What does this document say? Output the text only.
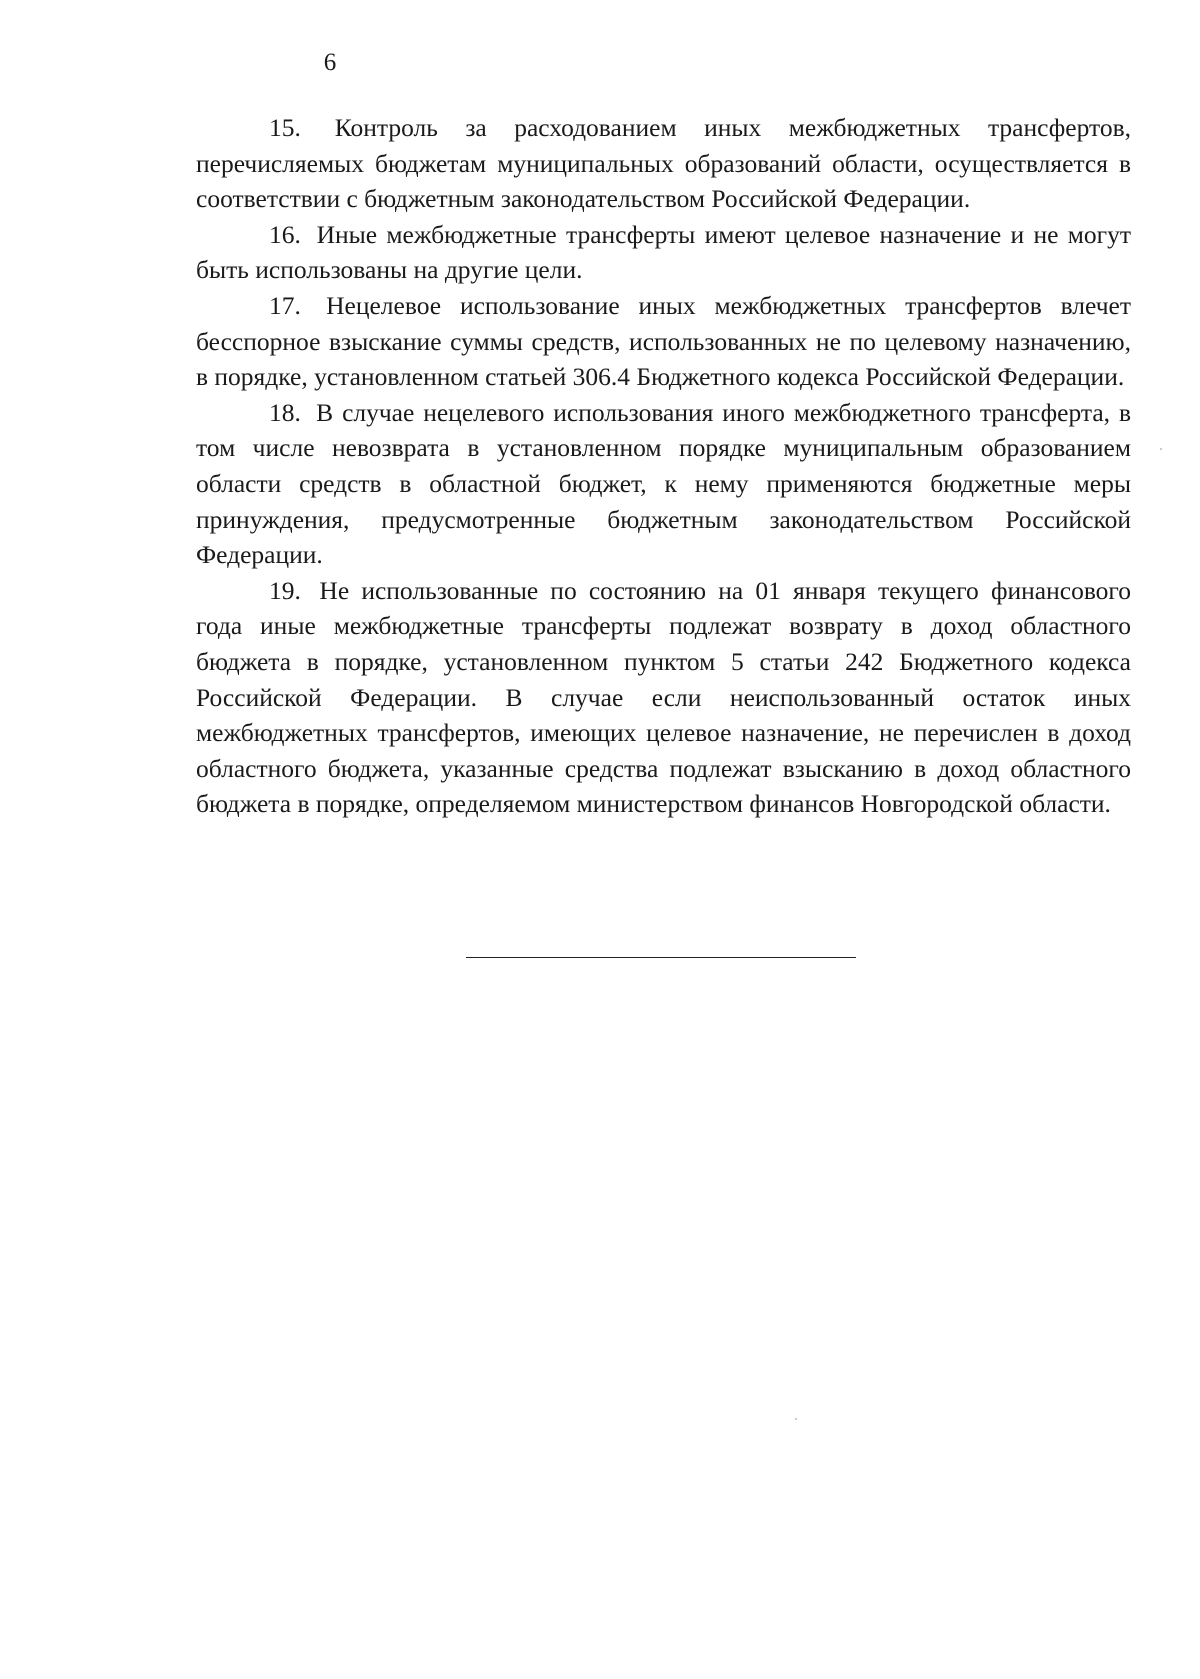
6

15. Контроль за расходованием иных межбюджетных трансфертов, перечисляемых бюджетам муниципальных образований области, осуществляется в соответствии с бюджетным законодательством Российской Федерации.

16. Иные межбюджетные трансферты имеют целевое назначение и не могут быть использованы на другие цели.

17. Нецелевое использование иных межбюджетных трансфертов влечет бесспорное взыскание суммы средств, использованных не по целевому назначению, в порядке, установленном статьей 306.4 Бюджетного кодекса Российской Федерации.

18. В случае нецелевого использования иного межбюджетного трансферта, в том числе невозврата в установленном порядке муниципальным образованием области средств в областной бюджет, к нему применяются бюджетные меры принуждения, предусмотренные бюджетным законодательством Российской Федерации.

19. Не использованные по состоянию на 01 января текущего финансового года иные межбюджетные трансферты подлежат возврату в доход областного бюджета в порядке, установленном пунктом 5 статьи 242 Бюджетного кодекса Российской Федерации. В случае если неиспользованный остаток иных межбюджетных трансфертов, имеющих целевое назначение, не перечислен в доход областного бюджета, указанные средства подлежат взысканию в доход областного бюджета в порядке, определяемом министерством финансов Новгородской области.
